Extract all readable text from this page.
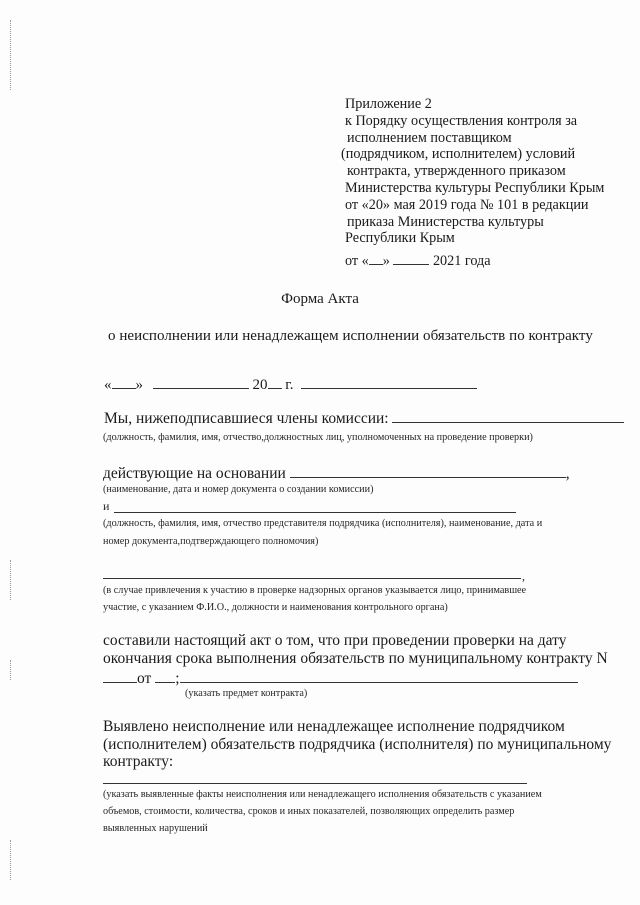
Приложение 2
к Порядку осуществления контроля за
исполнением поставщиком
(подрядчиком, исполнителем) условий
контракта, утвержденного приказом
Министерства культуры Республики Крым
от «20» мая 2019 года № 101 в редакции
приказа Министерства культуры
Республики Крым
от « »	2021 года
Форма Акта
о неисполнении или ненадлежащем исполнении обязательств по контракту
« »	20 г.
Мы, нижеподписавшиеся члены комиссии:
(должность, фамилия, имя, отчество,должностных лиц, уполномоченных на проведение проверки)
действующие на основании	,
(наименование, дата и номер документа о создании комиссии)
и
(должность, фамилия, имя, отчество представителя подрядчика (исполнителя), наименование, дата и
номер документа,подтверждающего полномочия)
,
(в случае привлечения к участию в проверке надзорных органов указывается лицо, принимавшее
участие, с указанием Ф.И.О., должности и наименования контрольного органа)
составили настоящий акт о том, что при проведении проверки на дату
окончания срока выполнения обязательств по муниципальному контракту N
от ;
(указать предмет контракта)
Выявлено неисполнение или ненадлежащее исполнение подрядчиком
(исполнителем) обязательств подрядчика (исполнителя) по муниципальному
контракту:
(указать выявленные факты неисполнения или ненадлежащего исполнения обязательств с указанием
объемов, стоимости, количества, сроков и иных показателей, позволяющих определить размер
выявленных нарушений
